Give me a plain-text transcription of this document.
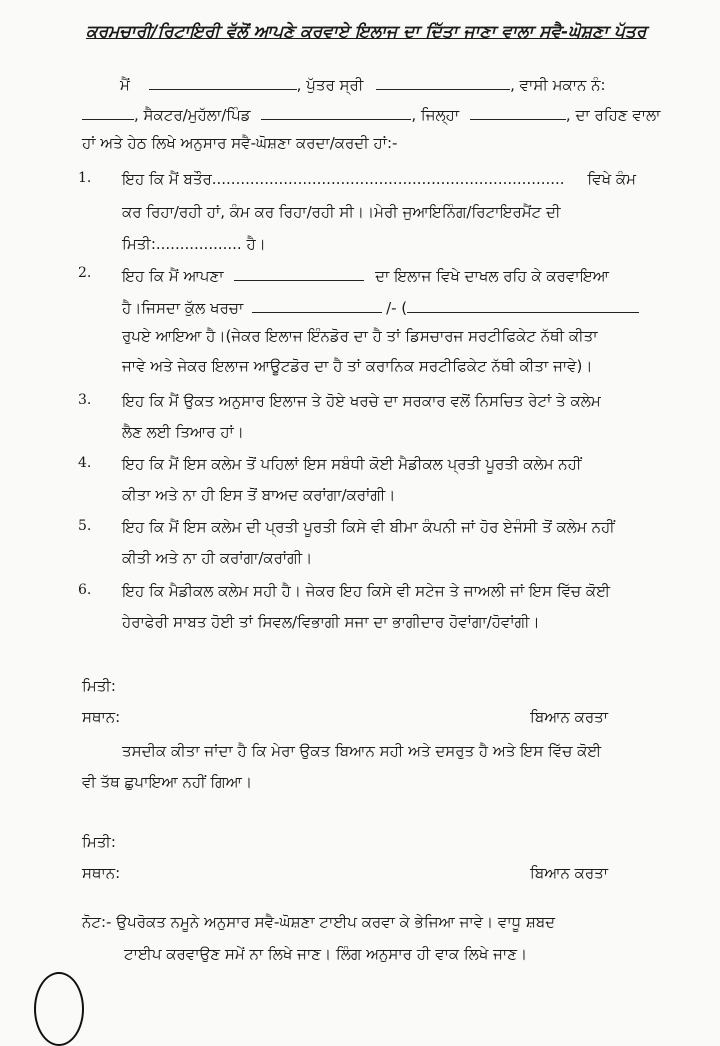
ਕਰਮਚਾਰੀ/ਰਿਟਾਇਰੀ ਵੱਲੋਂ ਆਪਣੇ ਕਰਵਾਏ ਇਲਾਜ ਦਾ ਦਿੱਤਾ ਜਾਣਾ ਵਾਲਾ ਸਵੈ-ਘੋਸ਼ਣਾ ਪੱਤਰ
ਮੈਂ	, ਪੁੱਤਰ ਸ੍ਰੀ	, ਵਾਸੀ ਮਕਾਨ ਨੰ:
, ਸੈਕਟਰ/ਮੁਹੱਲਾ/ਪਿੰਡ	, ਜਿਲ੍ਹਾ	, ਦਾ ਰਹਿਣ ਵਾਲਾ
ਹਾਂ ਅਤੇ ਹੇਠ ਲਿਖੇ ਅਨੁਸਾਰ ਸਵੈ-ਘੋਸ਼ਣਾ ਕਰਦਾ/ਕਰਦੀ ਹਾਂ:-
1. ਇਹ ਕਿ ਮੈਂ ਬਤੌਰ.......................................................................... ਵਿਖੇ ਕੰਮ
ਕਰ ਰਿਹਾ/ਰਹੀ ਹਾਂ, ਕੰਮ ਕਰ ਰਿਹਾ/ਰਹੀ ਸੀ।।ਮੇਰੀ ਜੁਆਇਨਿੰਗ/ਰਿਟਾਇਰਮੈਂਟ ਦੀ
ਮਿਤੀ:.................. ਹੈ।
2. ਇਹ ਕਿ ਮੈਂ ਆਪਣਾ	ਦਾ ਇਲਾਜ ਵਿਖੇ ਦਾਖਲ ਰਹਿ ਕੇ ਕਰਵਾਇਆ
ਹੈ।ਜਿਸਦਾ ਕੁੱਲ ਖਰਚਾ	/- (
ਰੁਪਏ ਆਇਆ ਹੈ।(ਜੇਕਰ ਇਲਾਜ ਇੰਨਡੋਰ ਦਾ ਹੈ ਤਾਂ ਡਿਸਚਾਰਜ ਸਰਟੀਫਿਕੇਟ ਨੱਥੀ ਕੀਤਾ
ਜਾਵੇ ਅਤੇ ਜੇਕਰ ਇਲਾਜ ਆਊਟਡੋਰ ਦਾ ਹੈ ਤਾਂ ਕਰਾਨਿਕ ਸਰਟੀਫਿਕੇਟ ਨੱਥੀ ਕੀਤਾ ਜਾਵੇ)।
3. ਇਹ ਕਿ ਮੈਂ ਉਕਤ ਅਨੁਸਾਰ ਇਲਾਜ ਤੇ ਹੋਏ ਖਰਚੇ ਦਾ ਸਰਕਾਰ ਵਲੋਂ ਨਿਸਚਿਤ ਰੇਟਾਂ ਤੇ ਕਲੇਮ
ਲੈਣ ਲਈ ਤਿਆਰ ਹਾਂ।
4. ਇਹ ਕਿ ਮੈਂ ਇਸ ਕਲੇਮ ਤੋਂ ਪਹਿਲਾਂ ਇਸ ਸਬੰਧੀ ਕੋਈ ਮੈਡੀਕਲ ਪ੍ਰਤੀ ਪੂਰਤੀ ਕਲੇਮ ਨਹੀਂ
ਕੀਤਾ ਅਤੇ ਨਾ ਹੀ ਇਸ ਤੋਂ ਬਾਅਦ ਕਰਾਂਗਾ/ਕਰਾਂਗੀ।
5. ਇਹ ਕਿ ਮੈਂ ਇਸ ਕਲੇਮ ਦੀ ਪ੍ਰਤੀ ਪੂਰਤੀ ਕਿਸੇ ਵੀ ਬੀਮਾ ਕੰਪਨੀ ਜਾਂ ਹੋਰ ਏਜੰਸੀ ਤੋਂ ਕਲੇਮ ਨਹੀਂ
ਕੀਤੀ ਅਤੇ ਨਾ ਹੀ ਕਰਾਂਗਾ/ਕਰਾਂਗੀ।
6. ਇਹ ਕਿ ਮੈਡੀਕਲ ਕਲੇਮ ਸਹੀ ਹੈ। ਜੇਕਰ ਇਹ ਕਿਸੇ ਵੀ ਸਟੇਜ ਤੇ ਜਾਅਲੀ ਜਾਂ ਇਸ ਵਿੱਚ ਕੋਈ
ਹੇਰਾਫੇਰੀ ਸਾਬਤ ਹੋਈ ਤਾਂ ਸਿਵਲ/ਵਿਭਾਗੀ ਸਜਾ ਦਾ ਭਾਗੀਦਾਰ ਹੋਵਾਂਗਾ/ਹੋਵਾਂਗੀ।
ਮਿਤੀ:
ਸਥਾਨ:	ਬਿਆਨ ਕਰਤਾ
ਤਸਦੀਕ ਕੀਤਾ ਜਾਂਦਾ ਹੈ ਕਿ ਮੇਰਾ ਉਕਤ ਬਿਆਨ ਸਹੀ ਅਤੇ ਦਸਰੁਤ ਹੈ ਅਤੇ ਇਸ ਵਿੱਚ ਕੋਈ
ਵੀ ਤੱਥ ਛੁਪਾਇਆ ਨਹੀਂ ਗਿਆ।
ਮਿਤੀ:
ਸਥਾਨ:	ਬਿਆਨ ਕਰਤਾ
ਨੋਟ:- ਉਪਰੋਕਤ ਨਮੂਨੇ ਅਨੁਸਾਰ ਸਵੈ-ਘੋਸ਼ਣਾ ਟਾਈਪ ਕਰਵਾ ਕੇ ਭੇਜਿਆ ਜਾਵੇ। ਵਾਧੂ ਸ਼ਬਦ
ਟਾਈਪ ਕਰਵਾਉਣ ਸਮੇਂ ਨਾ ਲਿਖੇ ਜਾਣ। ਲਿੰਗ ਅਨੁਸਾਰ ਹੀ ਵਾਕ ਲਿਖੇ ਜਾਣ।
